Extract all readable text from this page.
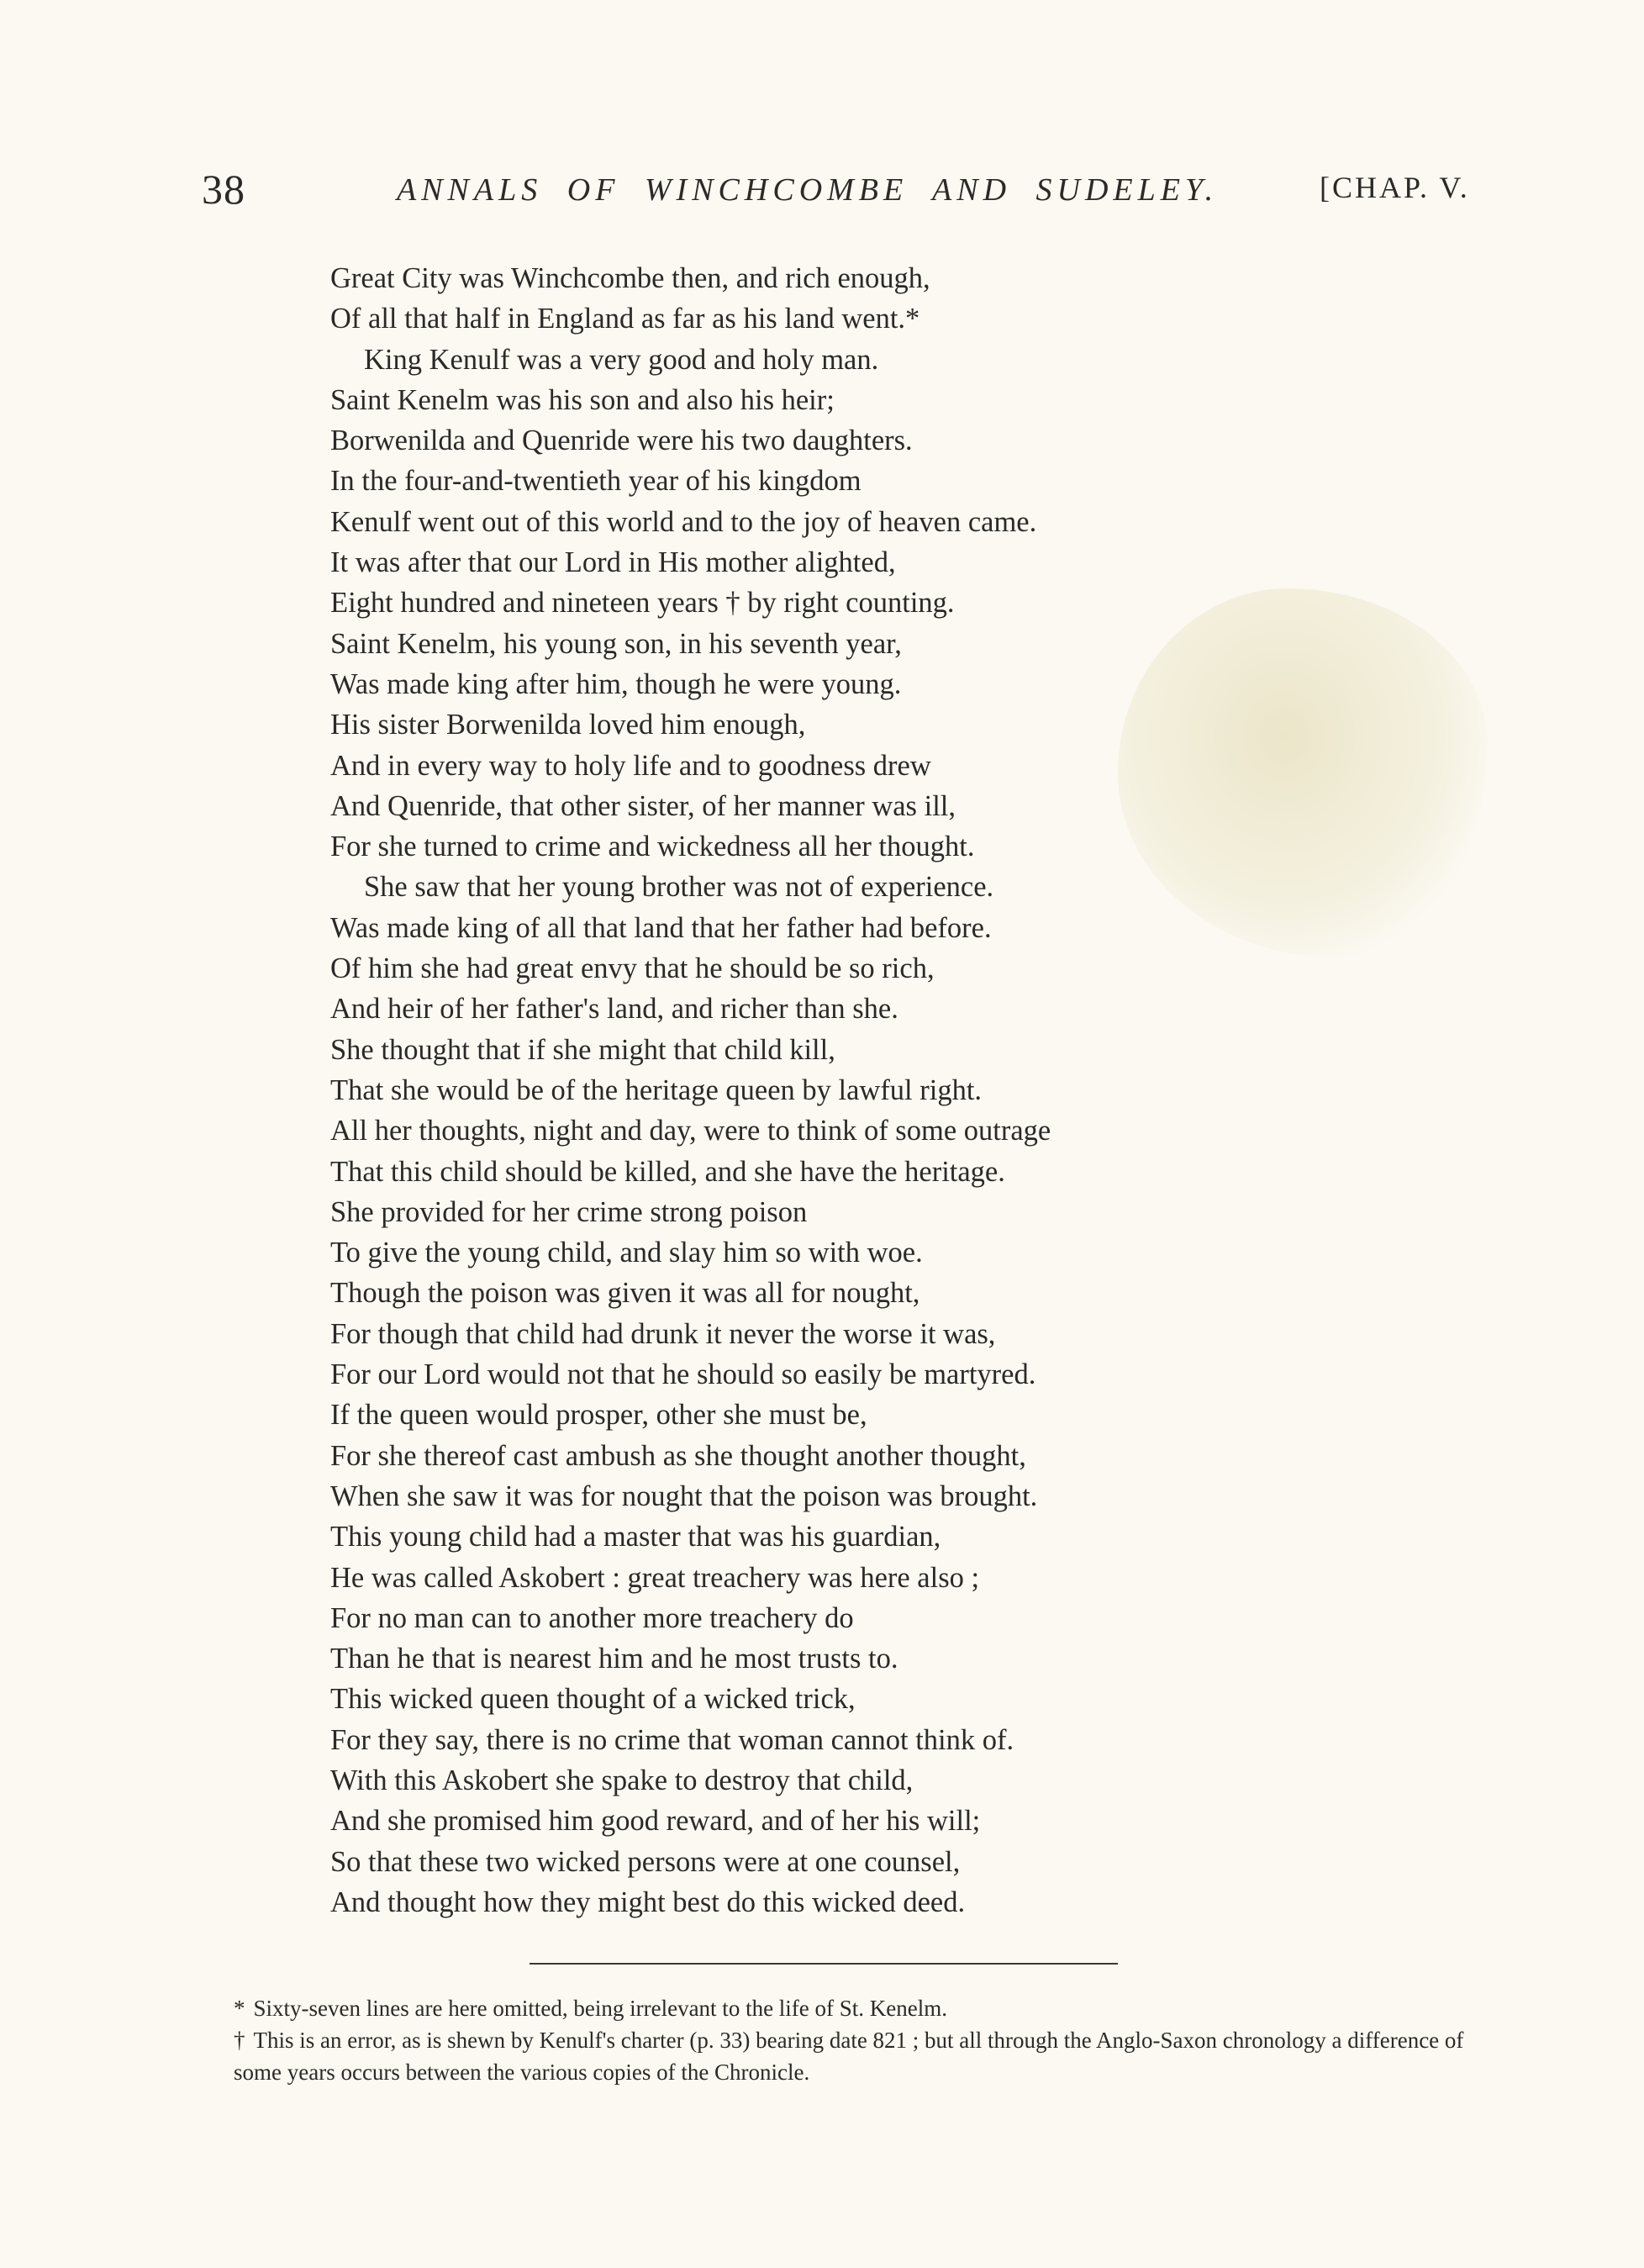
38	ANNALS OF WINCHCOMBE AND SUDELEY.	[CHAP. V.
Great City was Winchcombe then, and rich enough,
Of all that half in England as far as his land went.*
King Kenulf was a very good and holy man.
Saint Kenelm was his son and also his heir;
Borwenilda and Quenride were his two daughters.
In the four-and-twentieth year of his kingdom
Kenulf went out of this world and to the joy of heaven came.
It was after that our Lord in His mother alighted,
Eight hundred and nineteen years † by right counting.
Saint Kenelm, his young son, in his seventh year,
Was made king after him, though he were young.
His sister Borwenilda loved him enough,
And in every way to holy life and to goodness drew
And Quenride, that other sister, of her manner was ill,
For she turned to crime and wickedness all her thought.
She saw that her young brother was not of experience.
Was made king of all that land that her father had before.
Of him she had great envy that he should be so rich,
And heir of her father's land, and richer than she.
She thought that if she might that child kill,
That she would be of the heritage queen by lawful right.
All her thoughts, night and day, were to think of some outrage
That this child should be killed, and she have the heritage.
She provided for her crime strong poison
To give the young child, and slay him so with woe.
Though the poison was given it was all for nought,
For though that child had drunk it never the worse it was,
For our Lord would not that he should so easily be martyred.
If the queen would prosper, other she must be,
For she thereof cast ambush as she thought another thought,
When she saw it was for nought that the poison was brought.
This young child had a master that was his guardian,
He was called Askobert : great treachery was here also ;
For no man can to another more treachery do
Than he that is nearest him and he most trusts to.
This wicked queen thought of a wicked trick,
For they say, there is no crime that woman cannot think of.
With this Askobert she spake to destroy that child,
And she promised him good reward, and of her his will;
So that these two wicked persons were at one counsel,
And thought how they might best do this wicked deed.
* Sixty-seven lines are here omitted, being irrelevant to the life of St. Kenelm.
† This is an error, as is shewn by Kenulf's charter (p. 33) bearing date 821 ; but all through the Anglo-Saxon chronology a difference of some years occurs between the various copies of the Chronicle.
